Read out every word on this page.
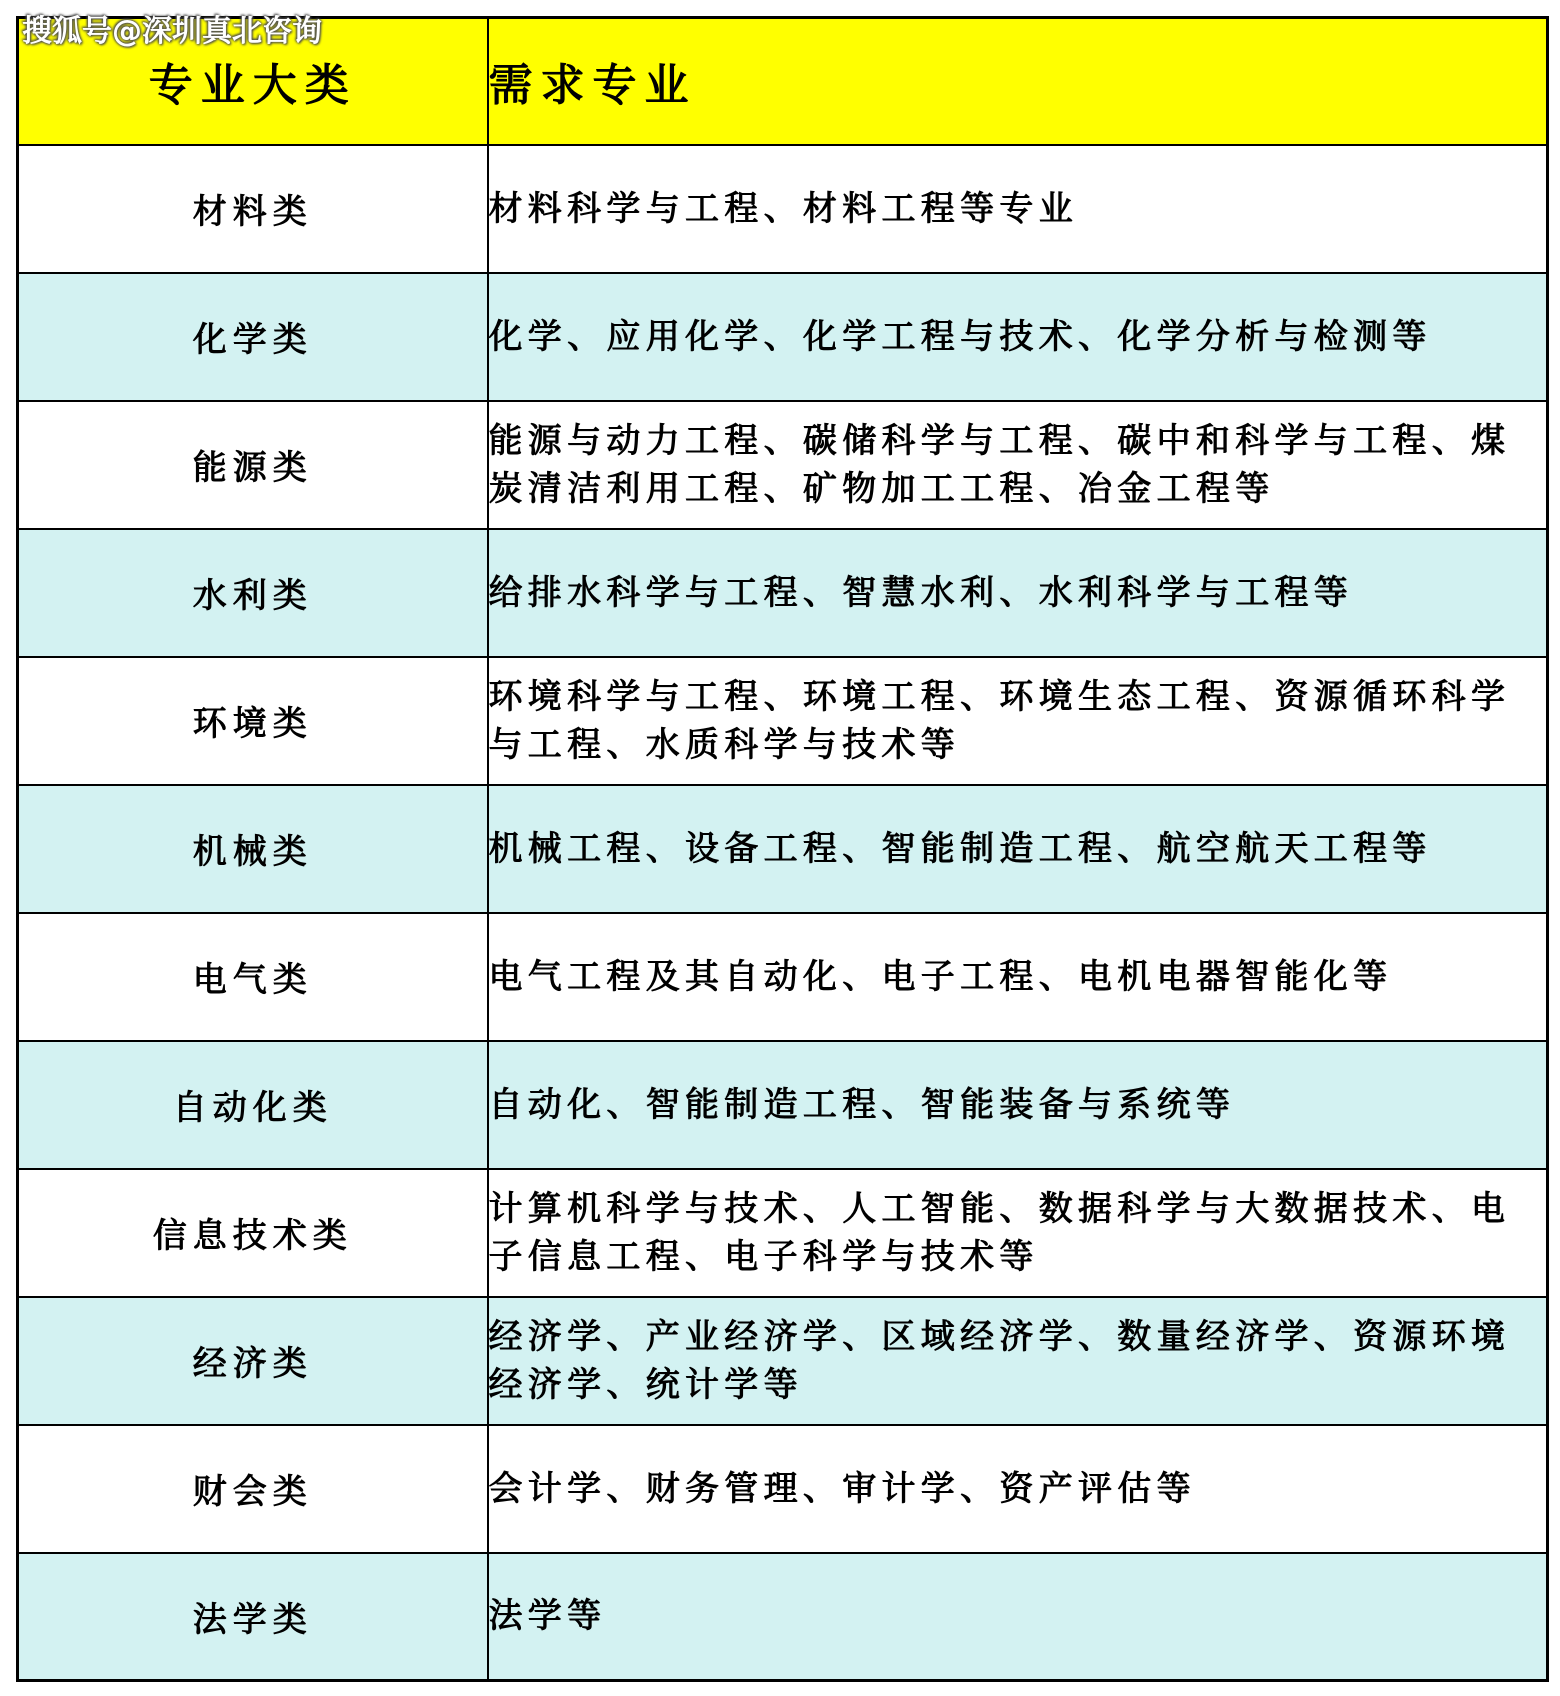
搜狐号@深圳真北咨询
专业大类	需求专业
材料类	材料科学与工程、材料工程等专业
化学类	化学、应用化学、化学工程与技术、化学分析与检测等
能源类	能源与动力工程、碳储科学与工程、碳中和科学与工程、煤炭清洁利用工程、矿物加工工程、冶金工程等
水利类	给排水科学与工程、智慧水利、水利科学与工程等
环境类	环境科学与工程、环境工程、环境生态工程、资源循环科学与工程、水质科学与技术等
机械类	机械工程、设备工程、智能制造工程、航空航天工程等
电气类	电气工程及其自动化、电子工程、电机电器智能化等
自动化类	自动化、智能制造工程、智能装备与系统等
信息技术类	计算机科学与技术、人工智能、数据科学与大数据技术、电子信息工程、电子科学与技术等
经济类	经济学、产业经济学、区域经济学、数量经济学、资源环境经济学、统计学等
财会类	会计学、财务管理、审计学、资产评估等
法学类	法学等
